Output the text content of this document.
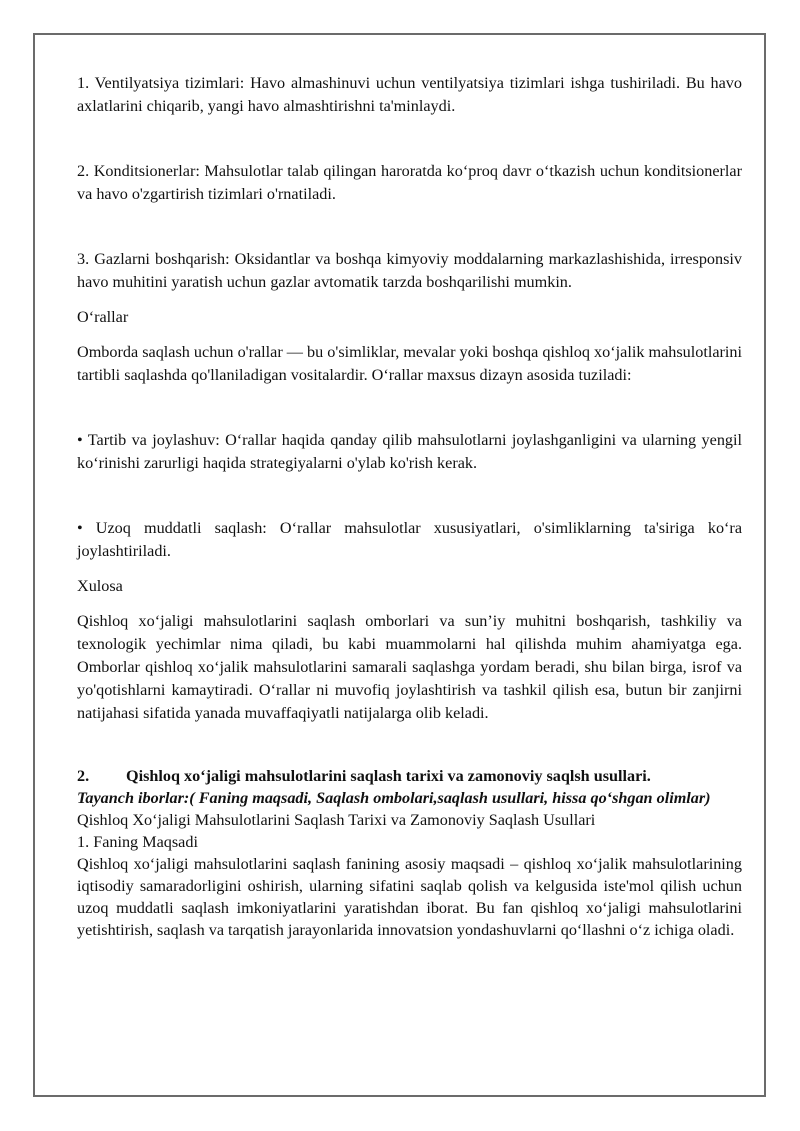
1. Ventilyatsiya tizimlari: Havo almashinuvi uchun ventilyatsiya tizimlari ishga tushiriladi. Bu havo axlatlarini chiqarib, yangi havo almashtirishni ta'minlaydi.

2. Konditsionerlar: Mahsulotlar talab qilingan haroratda ko‘proq davr o‘tkazish uchun konditsionerlar va havo o'zgartirish tizimlari o'rnatiladi.

3. Gazlarni boshqarish: Oksidantlar va boshqa kimyoviy moddalarning markazlashishida, irresponsiv havo muhitini yaratish uchun gazlar avtomatik tarzda boshqarilishi mumkin.

O‘rallar

Omborda saqlash uchun o'rallar — bu o'simliklar, mevalar yoki boshqa qishloq xo‘jalik mahsulotlarini tartibli saqlashda qo'llaniladigan vositalardir. O‘rallar maxsus dizayn asosida tuziladi:

• Tartib va joylashuv: O‘rallar haqida qanday qilib mahsulotlarni joylashganligini va ularning yengil ko‘rinishi zarurligi haqida strategiyalarni o'ylab ko'rish kerak.

• Uzoq muddatli saqlash: O‘rallar mahsulotlar xususiyatlari, o'simliklarning ta'siriga ko‘ra joylashtiriladi.

Xulosa

Qishloq xo‘jaligi mahsulotlarini saqlash omborlari va sun’iy muhitni boshqarish, tashkiliy va texnologik yechimlar nima qiladi, bu kabi muammolarni hal qilishda muhim ahamiyatga ega. Omborlar qishloq xo‘jalik mahsulotlarini samarali saqlashga yordam beradi, shu bilan birga, isrof va yo'qotishlarni kamaytiradi. O‘rallar ni muvofiq joylashtirish va tashkil qilish esa, butun bir zanjirni natijahasi sifatida yanada muvaffaqiyatli natijalarga olib keladi.

2. Qishloq xo‘jaligi mahsulotlarini saqlash tarixi va zamonoviy saqlsh usullari.

Tayanch iborlar:( Faning maqsadi, Saqlash ombolari,saqlash usullari, hissa qo‘shgan olimlar)

Qishloq Xo‘jaligi Mahsulotlarini Saqlash Tarixi va Zamonoviy Saqlash Usullari

1. Faning Maqsadi

Qishloq xo‘jaligi mahsulotlarini saqlash fanining asosiy maqsadi – qishloq xo‘jalik mahsulotlarining iqtisodiy samaradorligini oshirish, ularning sifatini saqlab qolish va kelgusida iste'mol qilish uchun uzoq muddatli saqlash imkoniyatlarini yaratishdan iborat. Bu fan qishloq xo‘jaligi mahsulotlarini yetishtirish, saqlash va tarqatish jarayonlarida innovatsion yondashuvlarni qo‘llashni o‘z ichiga oladi.
